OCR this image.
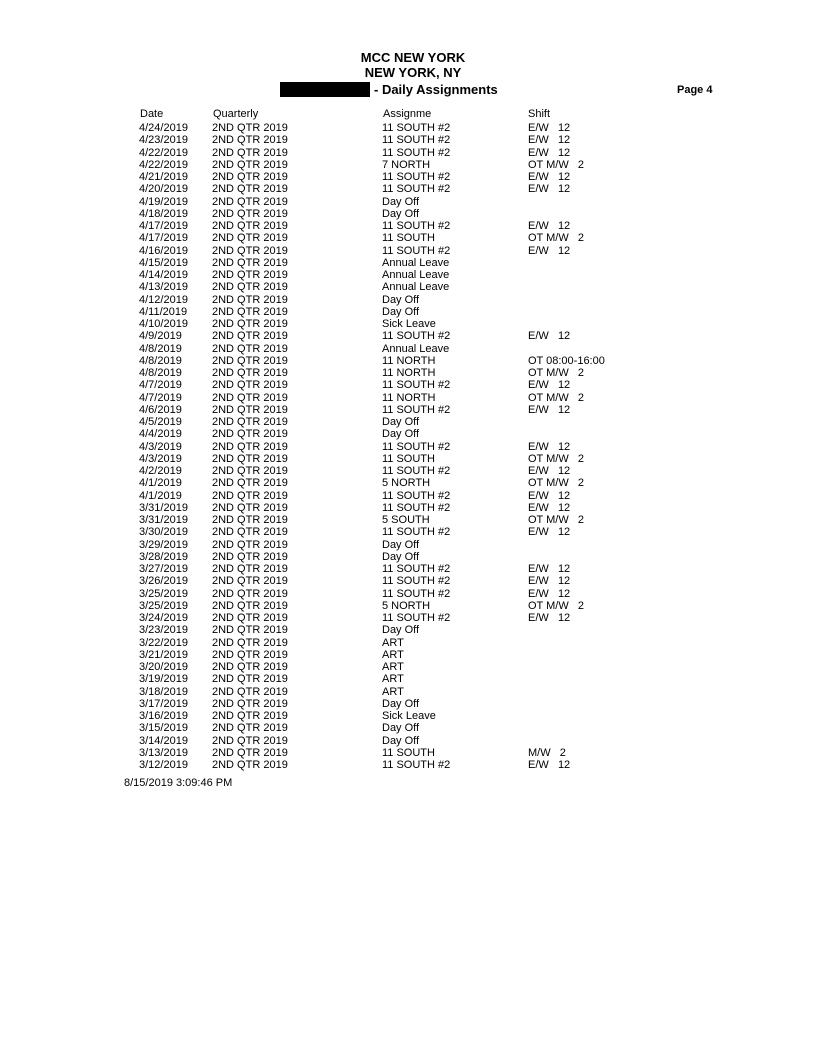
MCC NEW YORK
NEW YORK, NY
- Daily Assignments	Page 4
Date	Quarterly	Assignme	Shift
4/24/2019 2ND QTR 2019	11 SOUTH #2	E/W   12
4/23/2019 2ND QTR 2019	11 SOUTH #2	E/W   12
4/22/2019 2ND QTR 2019	11 SOUTH #2	E/W   12
4/22/2019 2ND QTR 2019	7 NORTH	OT M/W   2
4/21/2019 2ND QTR 2019	11 SOUTH #2	E/W   12
4/20/2019 2ND QTR 2019	11 SOUTH #2	E/W   12
4/19/2019 2ND QTR 2019	Day Off
4/18/2019 2ND QTR 2019	Day Off
4/17/2019 2ND QTR 2019	11 SOUTH #2	E/W   12
4/17/2019 2ND QTR 2019	11 SOUTH	OT M/W   2
4/16/2019 2ND QTR 2019	11 SOUTH #2	E/W   12
4/15/2019 2ND QTR 2019	Annual Leave
4/14/2019 2ND QTR 2019	Annual Leave
4/13/2019 2ND QTR 2019	Annual Leave
4/12/2019 2ND QTR 2019	Day Off
4/11/2019 2ND QTR 2019	Day Off
4/10/2019 2ND QTR 2019	Sick Leave
4/9/2019	2ND QTR 2019	11 SOUTH #2	E/W   12
4/8/2019	2ND QTR 2019	Annual Leave
4/8/2019	2ND QTR 2019	11 NORTH	OT 08:00-16:00
4/8/2019	2ND QTR 2019	11 NORTH	OT M/W   2
4/7/2019	2ND QTR 2019	11 SOUTH #2	E/W   12
4/7/2019	2ND QTR 2019	11 NORTH	OT M/W   2
4/6/2019	2ND QTR 2019	11 SOUTH #2	E/W   12
4/5/2019	2ND QTR 2019	Day Off
4/4/2019	2ND QTR 2019	Day Off
4/3/2019	2ND QTR 2019	11 SOUTH #2	E/W   12
4/3/2019	2ND QTR 2019	11 SOUTH	OT M/W   2
4/2/2019	2ND QTR 2019	11 SOUTH #2	E/W   12
4/1/2019	2ND QTR 2019	5 NORTH	OT M/W   2
4/1/2019	2ND QTR 2019	11 SOUTH #2	E/W   12
3/31/2019 2ND QTR 2019	11 SOUTH #2	E/W   12
3/31/2019 2ND QTR 2019	5 SOUTH	OT M/W   2
3/30/2019 2ND QTR 2019	11 SOUTH #2	E/W   12
3/29/2019 2ND QTR 2019	Day Off
3/28/2019 2ND QTR 2019	Day Off
3/27/2019 2ND QTR 2019	11 SOUTH #2	E/W   12
3/26/2019 2ND QTR 2019	11 SOUTH #2	E/W   12
3/25/2019 2ND QTR 2019	11 SOUTH #2	E/W   12
3/25/2019 2ND QTR 2019	5 NORTH	OT M/W   2
3/24/2019 2ND QTR 2019	11 SOUTH #2	E/W   12
3/23/2019 2ND QTR 2019	Day Off
3/22/2019 2ND QTR 2019	ART
3/21/2019 2ND QTR 2019	ART
3/20/2019 2ND QTR 2019	ART
3/19/2019 2ND QTR 2019	ART
3/18/2019 2ND QTR 2019	ART
3/17/2019 2ND QTR 2019	Day Off
3/16/2019 2ND QTR 2019	Sick Leave
3/15/2019 2ND QTR 2019	Day Off
3/14/2019 2ND QTR 2019	Day Off
3/13/2019 2ND QTR 2019	11 SOUTH	M/W   2
3/12/2019 2ND QTR 2019	11 SOUTH #2	E/W   12
8/15/2019 3:09:46 PM
